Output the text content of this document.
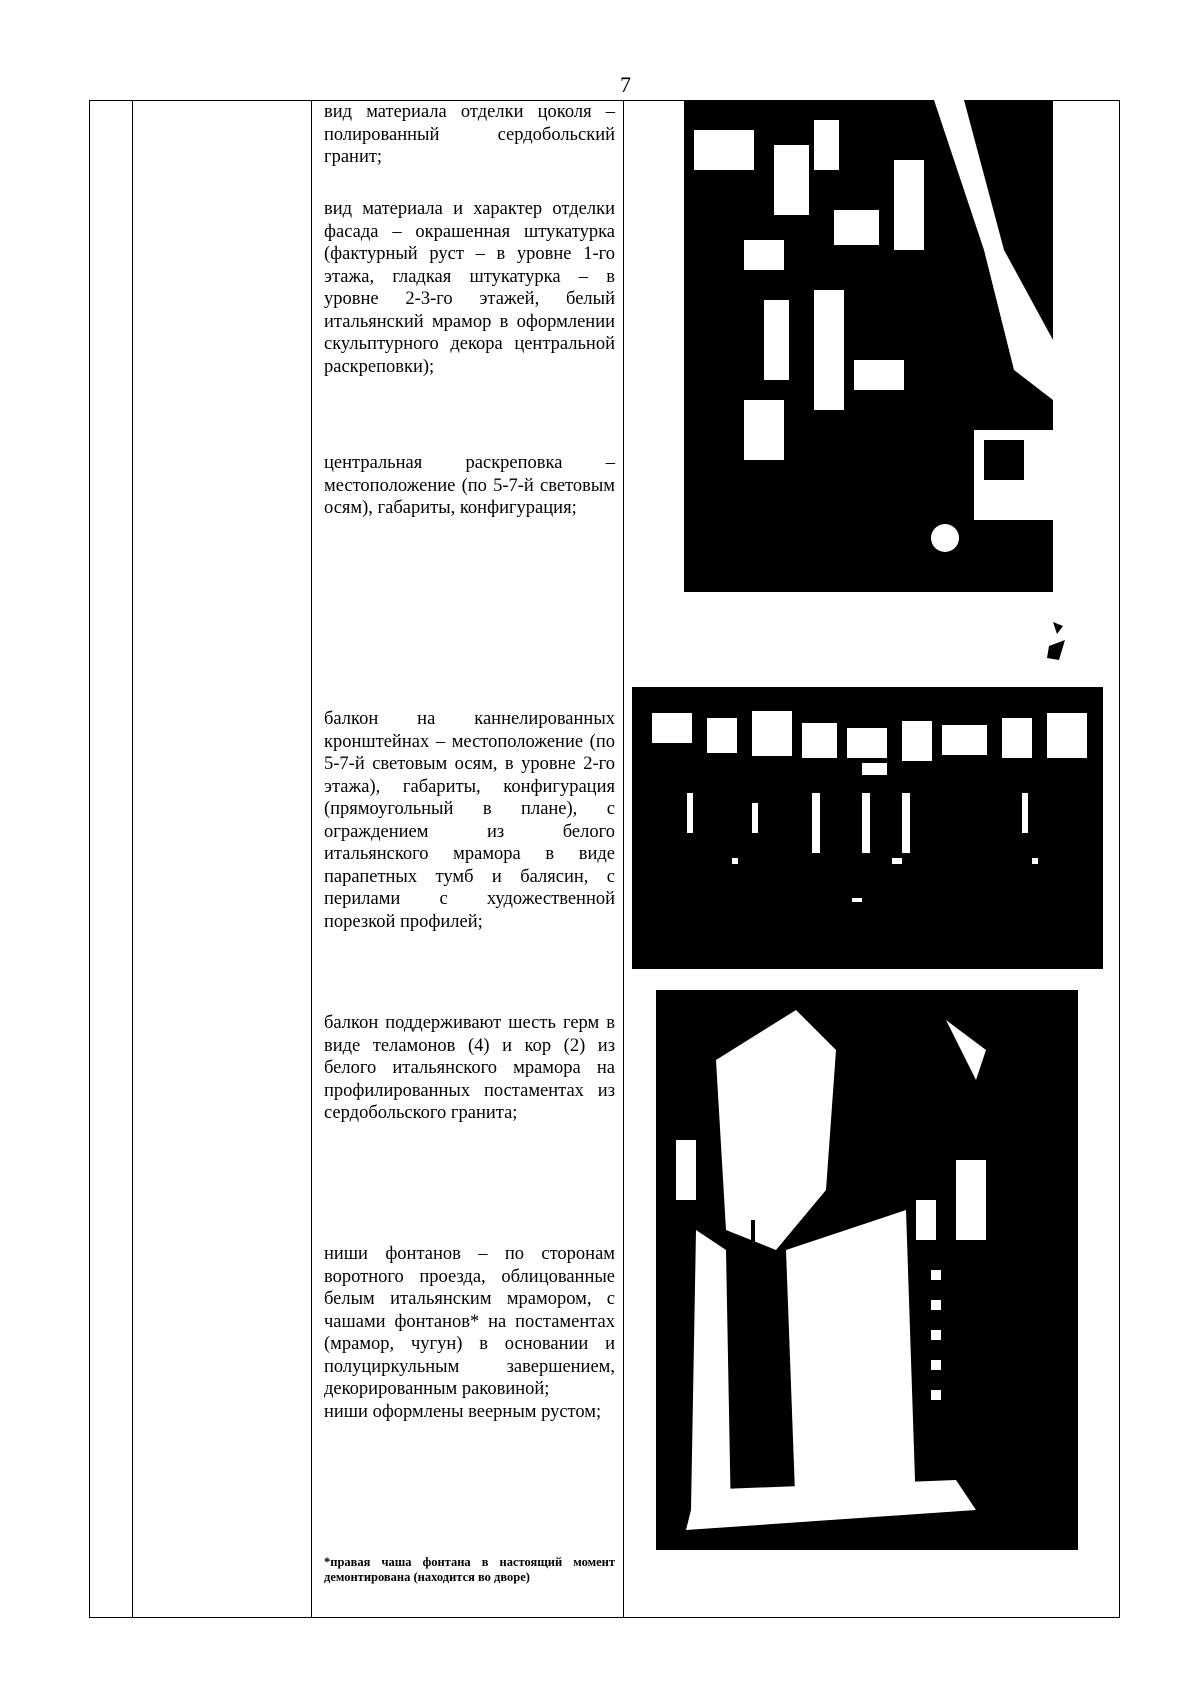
7

вид материала отделки цоколя – полированный сердобольский гранит;

вид материала и характер отделки фасада – окрашенная штукатурка (фактурный руст – в уровне 1-го этажа, гладкая штукатурка – в уровне 2-3-го этажей, белый итальянский мрамор в оформлении скульптурного декора центральной раскреповки);

центральная раскреповка – местоположение (по 5-7-й световым осям), габариты, конфигурация;

балкон на каннелированных кронштейнах – местоположение (по 5-7-й световым осям, в уровне 2-го этажа), габариты, конфигурация (прямоугольный в плане), с ограждением из белого итальянского мрамора в виде парапетных тумб и балясин, с перилами с художественной порезкой профилей;

балкон поддерживают шесть герм в виде теламонов (4) и кор (2) из белого итальянского мрамора на профилированных постаментах из сердобольского гранита;

ниши фонтанов – по сторонам воротного проезда, облицованные белым итальянским мрамором, с чашами фонтанов* на постаментах (мрамор, чугун) в основании и полуциркульным завершением, декорированным раковиной;

ниши оформлены веерным рустом;

*правая чаша фонтана в настоящий момент демонтирована (находится во дворе)
